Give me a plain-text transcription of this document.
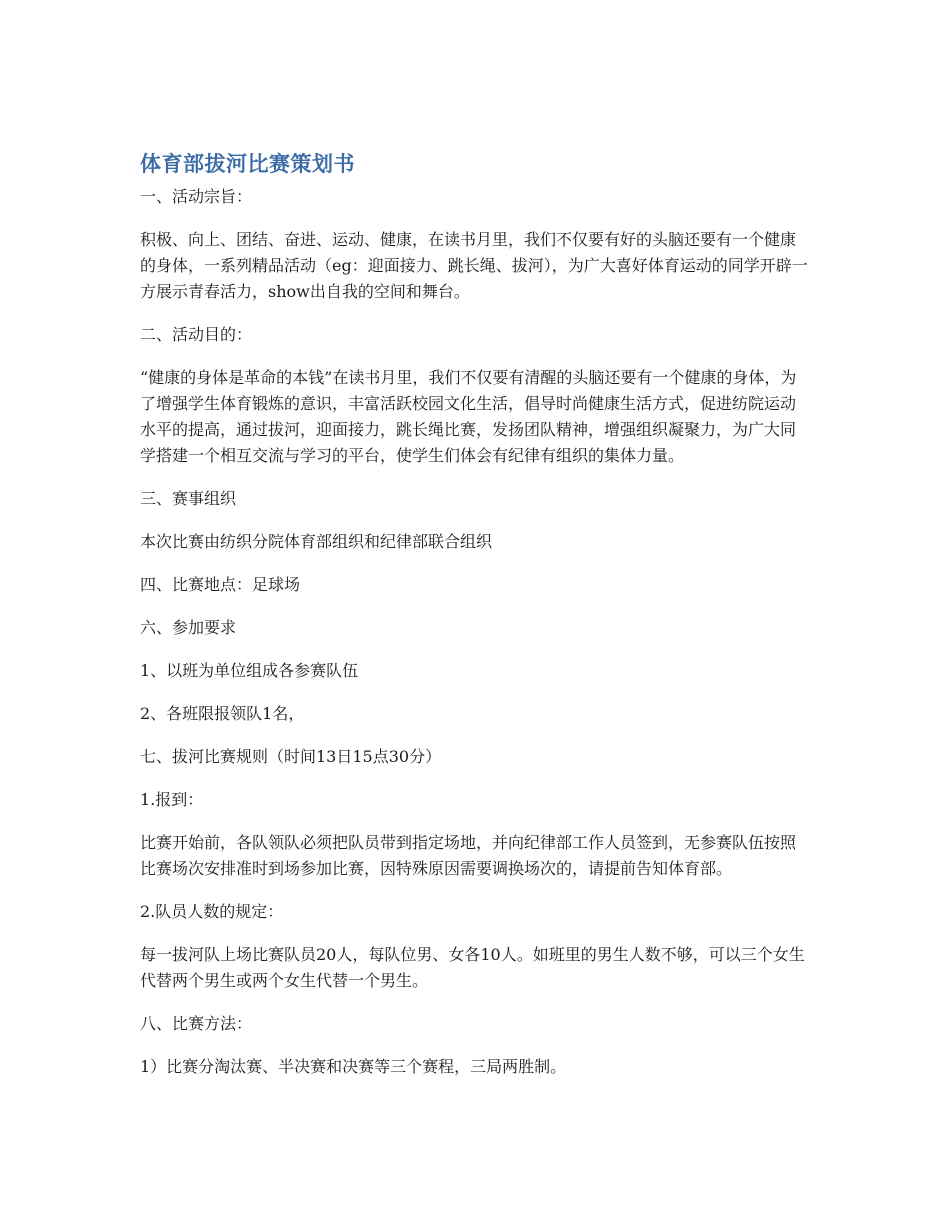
体育部拔河比赛策划书

一、活动宗旨：

积极、向上、团结、奋进、运动、健康，在读书月里，我们不仅要有好的头脑还要有一个健康的身体，一系列精品活动（eg：迎面接力、跳长绳、拔河），为广大喜好体育运动的同学开辟一方展示青春活力，show出自我的空间和舞台。

二、活动目的：

“健康的身体是革命的本钱”在读书月里，我们不仅要有清醒的头脑还要有一个健康的身体，为了增强学生体育锻炼的意识，丰富活跃校园文化生活，倡导时尚健康生活方式，促进纺院运动水平的提高，通过拔河，迎面接力，跳长绳比赛，发扬团队精神，增强组织凝聚力，为广大同学搭建一个相互交流与学习的平台，使学生们体会有纪律有组织的集体力量。

三、赛事组织

本次比赛由纺织分院体育部组织和纪律部联合组织

四、比赛地点：足球场

六、参加要求

1、以班为单位组成各参赛队伍

2、各班限报领队1名，

七、拔河比赛规则（时间13日15点30分）

1.报到：

比赛开始前，各队领队必须把队员带到指定场地，并向纪律部工作人员签到，无参赛队伍按照比赛场次安排准时到场参加比赛，因特殊原因需要调换场次的，请提前告知体育部。

2.队员人数的规定：

每一拔河队上场比赛队员20人，每队位男、女各10人。如班里的男生人数不够，可以三个女生代替两个男生或两个女生代替一个男生。

八、比赛方法：

1）比赛分淘汰赛、半决赛和决赛等三个赛程，三局两胜制。
